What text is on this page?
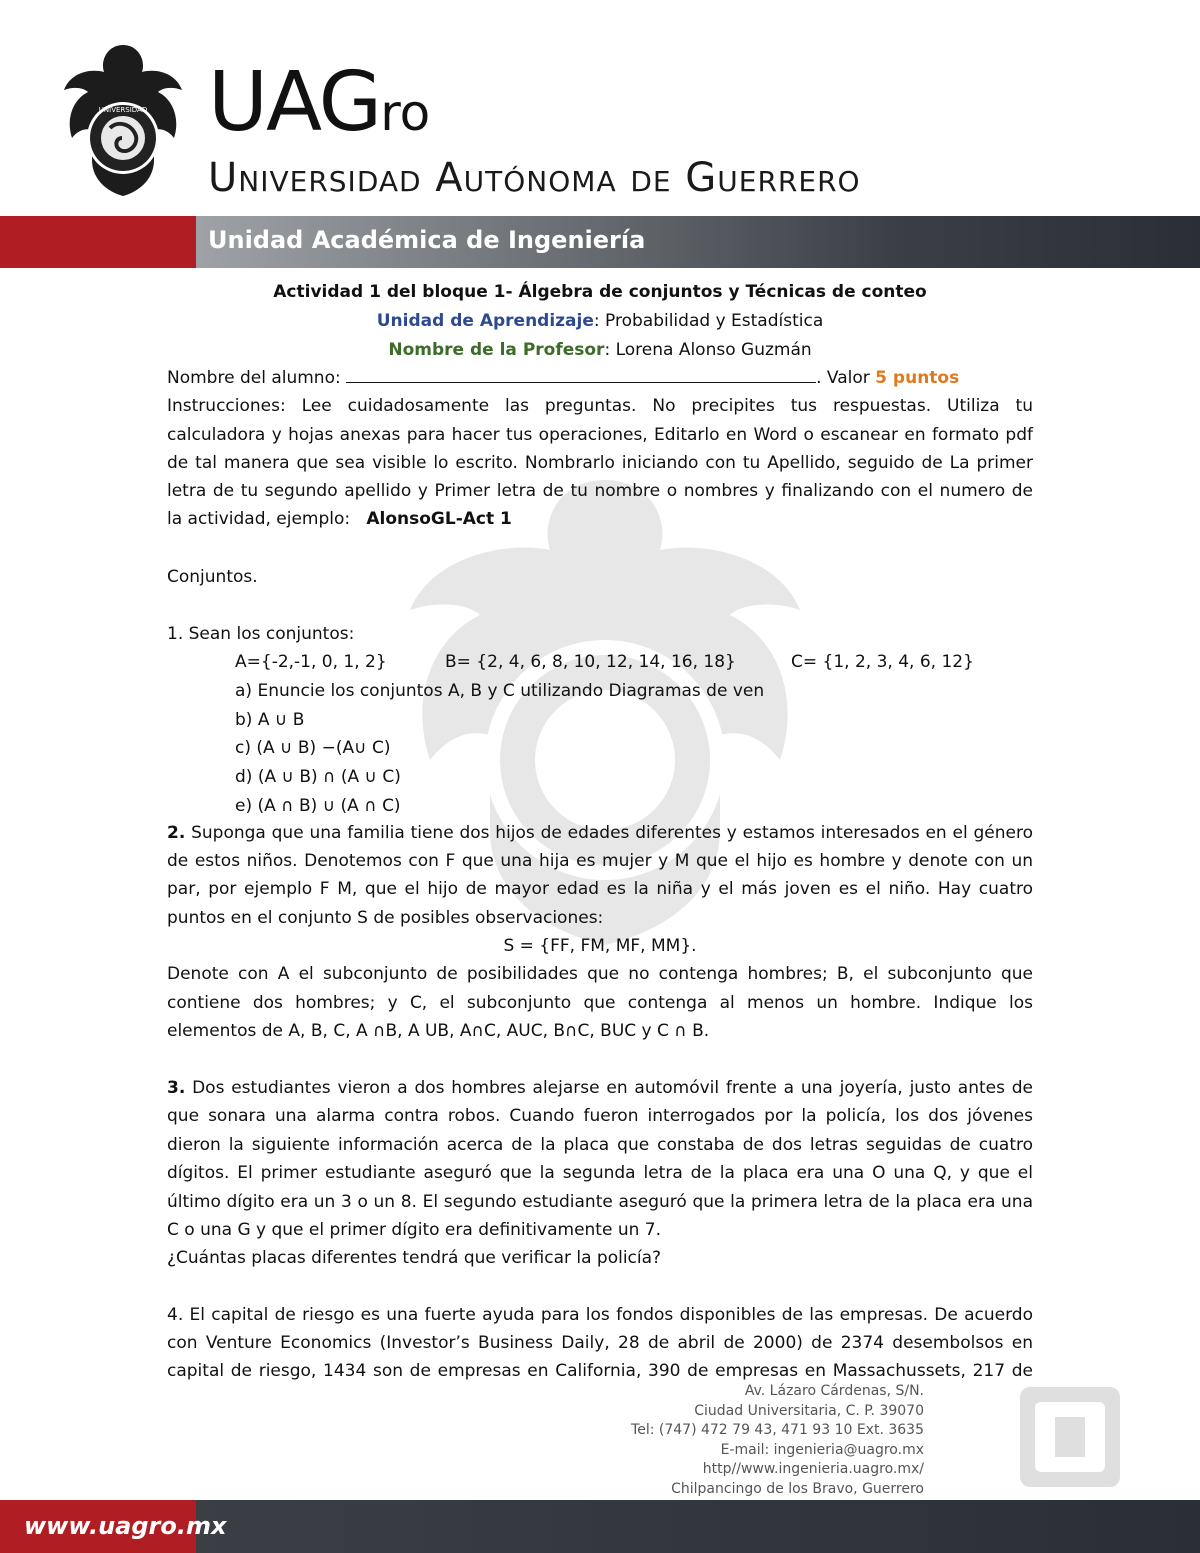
UNIVERSIDAD UAGro
Universidad Autónoma de Guerrero
Unidad Académica de Ingeniería
Actividad 1 del bloque 1- Álgebra de conjuntos y Técnicas de conteo
Unidad de Aprendizaje: Probabilidad y Estadística
Nombre de la Profesor: Lorena Alonso Guzmán
Nombre del alumno:	. Valor 5 puntos
Instrucciones: Lee cuidadosamente las preguntas. No precipites tus respuestas. Utiliza tu
calculadora y hojas anexas para hacer tus operaciones, Editarlo en Word o escanear en formato pdf
de tal manera que sea visible lo escrito. Nombrarlo iniciando con tu Apellido, seguido de La primer
letra de tu segundo apellido y Primer letra de tu nombre o nombres y finalizando con el numero de
la actividad, ejemplo: AlonsoGL-Act 1
Conjuntos.
1. Sean los conjuntos:
A={-2,-1, 0, 1, 2}	B= {2, 4, 6, 8, 10, 12, 14, 16, 18}	C= {1, 2, 3, 4, 6, 12}
a) Enuncie los conjuntos A, B y C utilizando Diagramas de ven
b) A ∪ B
c) (A ∪ B) −(A∪ C)
d) (A ∪ B) ∩ (A ∪ C)
e) (A ∩ B) ∪ (A ∩ C)
2. Suponga que una familia tiene dos hijos de edades diferentes y estamos interesados en el género
de estos niños. Denotemos con F que una hija es mujer y M que el hijo es hombre y denote con un
par, por ejemplo F M, que el hijo de mayor edad es la niña y el más joven es el niño. Hay cuatro
puntos en el conjunto S de posibles observaciones:
S = {FF, FM, MF, MM}.
Denote con A el subconjunto de posibilidades que no contenga hombres; B, el subconjunto que
contiene dos hombres; y C, el subconjunto que contenga al menos un hombre. Indique los
elementos de A, B, C, A ∩B, A UB, A∩C, AUC, B∩C, BUC y C ∩ B.
3. Dos estudiantes vieron a dos hombres alejarse en automóvil frente a una joyería, justo antes de
que sonara una alarma contra robos. Cuando fueron interrogados por la policía, los dos jóvenes
dieron la siguiente información acerca de la placa que constaba de dos letras seguidas de cuatro
dígitos. El primer estudiante aseguró que la segunda letra de la placa era una O una Q, y que el
último dígito era un 3 o un 8. El segundo estudiante aseguró que la primera letra de la placa era una
C o una G y que el primer dígito era definitivamente un 7.
¿Cuántas placas diferentes tendrá que verificar la policía?
4. El capital de riesgo es una fuerte ayuda para los fondos disponibles de las empresas. De acuerdo
con Venture Economics (Investor’s Business Daily, 28 de abril de 2000) de 2374 desembolsos en
capital de riesgo, 1434 son de empresas en California, 390 de empresas en Massachussets, 217 de
Av. Lázaro Cárdenas, S/N.
Ciudad Universitaria, C. P. 39070
Tel: (747) 472 79 43, 471 93 10 Ext. 3635
E-mail: ingenieria@uagro.mx
http//www.ingenieria.uagro.mx/
Chilpancingo de los Bravo, Guerrero
www.uagro.mx
